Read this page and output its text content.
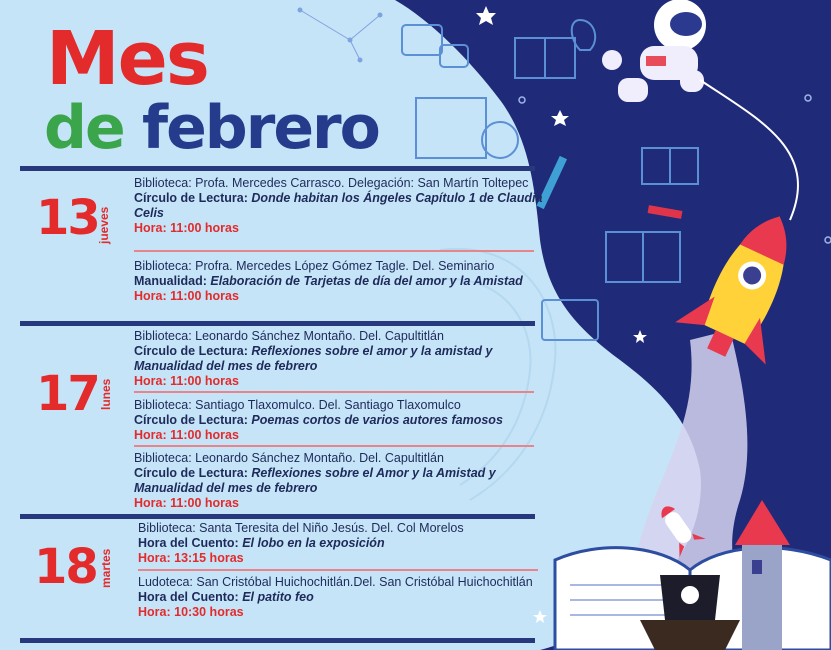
Mes
de febrero
13
jueves
Biblioteca: Profa. Mercedes Carrasco. Delegación: San Martín Toltepec
Círculo de Lectura: Donde habitan los Ángeles Capítulo 1 de Claudia Celis
Hora: 11:00 horas
Biblioteca: Profra. Mercedes López Gómez Tagle. Del. Seminario
Manualidad: Elaboración de Tarjetas de día del amor y la Amistad
Hora: 11:00 horas
17 lunes
Biblioteca: Leonardo Sánchez Montaño. Del. Capultitlán
Círculo de Lectura: Reflexiones sobre el amor y la amistad y Manualidad del mes de febrero
Hora: 11:00 horas
Biblioteca: Santiago Tlaxomulco. Del. Santiago Tlaxomulco
Círculo de Lectura: Poemas cortos de varios autores famosos
Hora: 11:00 horas
Biblioteca: Leonardo Sánchez Montaño. Del. Capultitlán
Círculo de Lectura: Reflexiones sobre el Amor y la Amistad y Manualidad del mes de febrero
Hora: 11:00 horas
18 martes
Biblioteca: Santa Teresita del Niño Jesús. Del. Col Morelos
Hora del Cuento: El lobo en la exposición
Hora: 13:15 horas
Ludoteca: San Cristóbal Huichochitlán.Del. San Cristóbal Huichochitlán
Hora del Cuento: El patito feo
Hora: 10:30 horas
